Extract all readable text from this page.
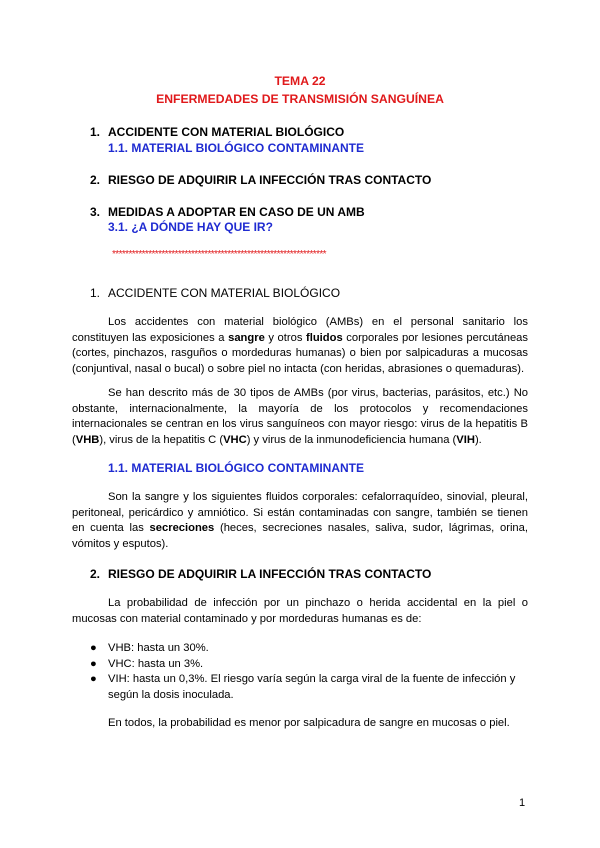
TEMA 22
ENFERMEDADES DE TRANSMISIÓN SANGUÍNEA
1. ACCIDENTE CON MATERIAL BIOLÓGICO
1.1. MATERIAL BIOLÓGICO CONTAMINANTE
2. RIESGO DE ADQUIRIR LA INFECCIÓN TRAS CONTACTO
3. MEDIDAS A ADOPTAR EN CASO DE UN AMB
3.1. ¿A DÓNDE HAY QUE IR?
*****************************************************************
1. ACCIDENTE CON MATERIAL BIOLÓGICO

Los accidentes con material biológico (AMBs) en el personal sanitario los constituyen las exposiciones a sangre y otros fluidos corporales por lesiones percutáneas (cortes, pinchazos, rasguños o mordeduras humanas) o bien por salpicaduras a mucosas (conjuntival, nasal o bucal) o sobre piel no intacta (con heridas, abrasiones o quemaduras).

Se han descrito más de 30 tipos de AMBs (por virus, bacterias, parásitos, etc.) No obstante, internacionalmente, la mayoría de los protocolos y recomendaciones internacionales se centran en los virus sanguíneos con mayor riesgo: virus de la hepatitis B (VHB), virus de la hepatitis C (VHC) y virus de la inmunodeficiencia humana (VIH).

1.1. MATERIAL BIOLÓGICO CONTAMINANTE

Son la sangre y los siguientes fluidos corporales: cefalorraquídeo, sinovial, pleural, peritoneal, pericárdico y amniótico. Si están contaminadas con sangre, también se tienen en cuenta las secreciones (heces, secreciones nasales, saliva, sudor, lágrimas, orina, vómitos y esputos).

2. RIESGO DE ADQUIRIR LA INFECCIÓN TRAS CONTACTO

La probabilidad de infección por un pinchazo o herida accidental en la piel o mucosas con material contaminado y por mordeduras humanas es de:

● VHB: hasta un 30%.
● VHC: hasta un 3%.
● VIH: hasta un 0,3%. El riesgo varía según la carga viral de la fuente de infección y según la dosis inoculada.

En todos, la probabilidad es menor por salpicadura de sangre en mucosas o piel.

1
